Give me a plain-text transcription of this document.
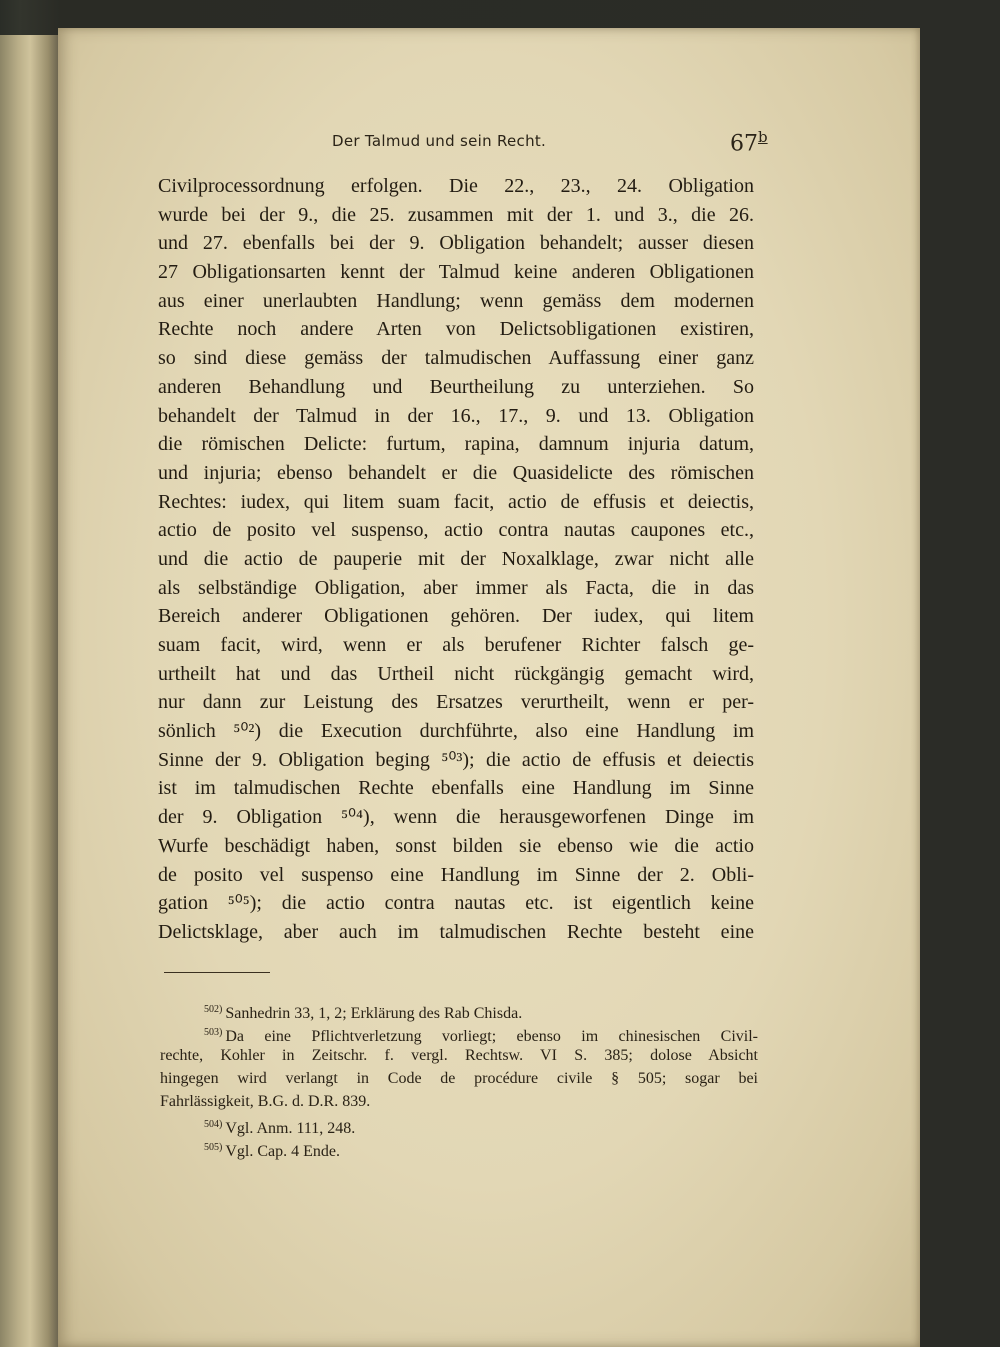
Der Talmud und sein Recht.	67$^b$
Civilprocessordnung erfolgen. Die 22., 23., 24. Obligation
wurde bei der 9., die 25. zusammen mit der 1. und 3., die 26.
und 27. ebenfalls bei der 9. Obligation behandelt; ausser diesen
27 Obligationsarten kennt der Talmud keine anderen Obligationen
aus einer unerlaubten Handlung; wenn gemäss dem modernen
Rechte noch andere Arten von Delictsobligationen existiren,
so sind diese gemäss der talmudischen Auffassung einer ganz
anderen Behandlung und Beurtheilung zu unterziehen. So
behandelt der Talmud in der 16., 17., 9. und 13. Obligation
die römischen Delicte: furtum, rapina, damnum injuria datum,
und injuria; ebenso behandelt er die Quasidelicte des römischen
Rechtes: iudex, qui litem suam facit, actio de effusis et deiectis,
actio de posito vel suspenso, actio contra nautas caupones etc.,
und die actio de pauperie mit der Noxalklage, zwar nicht alle
als selbständige Obligation, aber immer als Facta, die in das
Bereich anderer Obligationen gehören. Der iudex, qui litem
suam facit, wird, wenn er als berufener Richter falsch ge-
urtheilt hat und das Urtheil nicht rückgängig gemacht wird,
nur dann zur Leistung des Ersatzes verurtheilt, wenn er per-
sönlich ⁵⁰²) die Execution durchführte, also eine Handlung im
Sinne der 9. Obligation beging ⁵⁰³); die actio de effusis et deiectis
ist im talmudischen Rechte ebenfalls eine Handlung im Sinne
der 9. Obligation ⁵⁰⁴), wenn die herausgeworfenen Dinge im
Wurfe beschädigt haben, sonst bilden sie ebenso wie die actio
de posito vel suspenso eine Handlung im Sinne der 2. Obli-
gation ⁵⁰⁵); die actio contra nautas etc. ist eigentlich keine
Delictsklage, aber auch im talmudischen Rechte besteht eine
$^{502)}$ Sanhedrin 33, 1, 2; Erklärung des Rab Chisda.
$^{503)}$ Da eine Pflichtverletzung vorliegt; ebenso im chinesischen Civil-
rechte, Kohler in Zeitschr. f. vergl. Rechtsw. VI S. 385; dolose Absicht
hingegen wird verlangt in Code de procédure civile § 505; sogar bei
Fahrlässigkeit, B.G. d. D.R. 839.
$^{504)}$ Vgl. Anm. 111, 248.
$^{505)}$ Vgl. Cap. 4 Ende.
